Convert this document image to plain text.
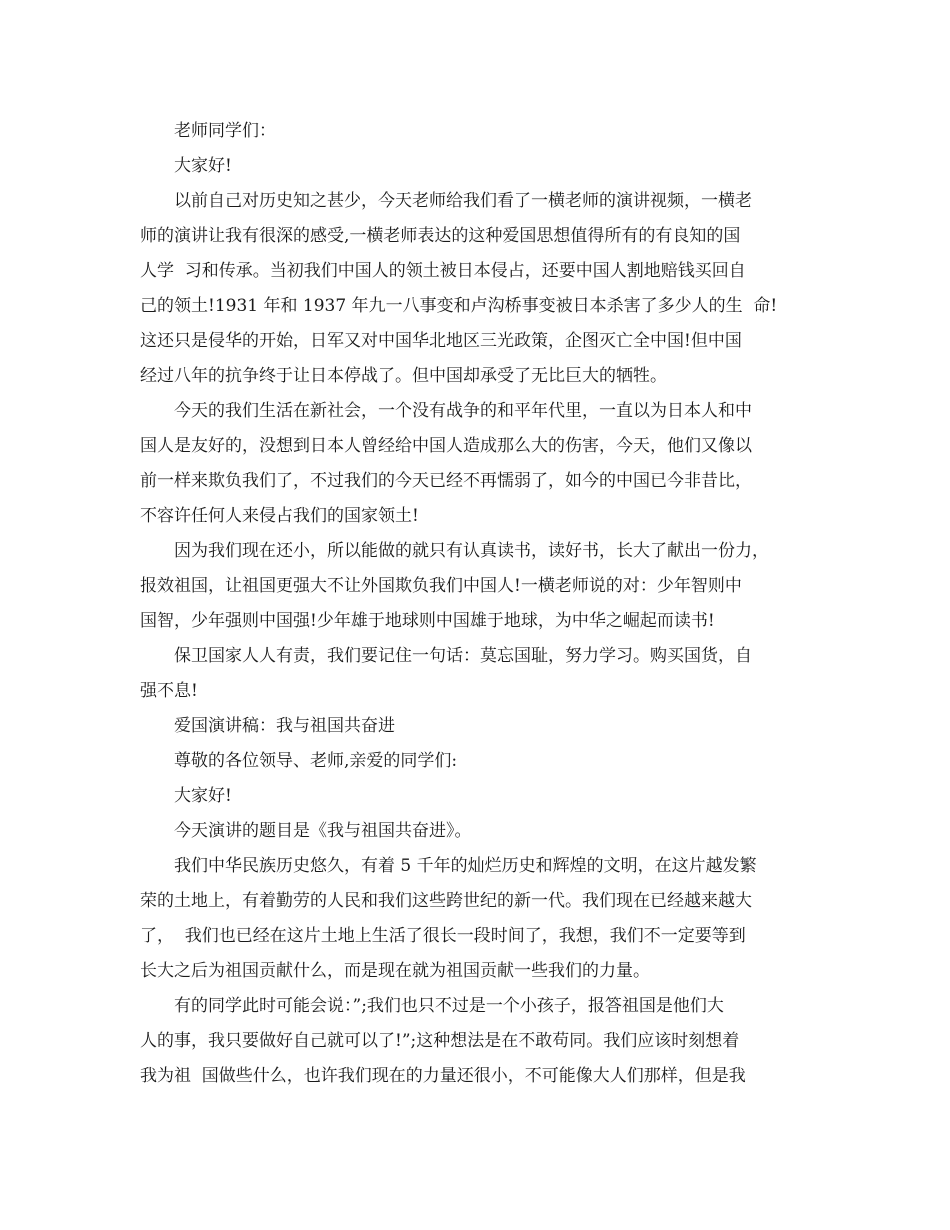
老师同学们：

大家好!

以前自己对历史知之甚少，今天老师给我们看了一横老师的演讲视频，一横老

师的演讲让我有很深的感受,一横老师表达的这种爱国思想值得所有的有良知的国

人学  习和传承。当初我们中国人的领土被日本侵占，还要中国人割地赔钱买回自

己的领土!1931 年和 1937 年九一八事变和卢沟桥事变被日本杀害了多少人的生  命!

这还只是侵华的开始，日军又对中国华北地区三光政策，企图灭亡全中国!但中国

经过八年的抗争终于让日本停战了。但中国却承受了无比巨大的牺牲。

今天的我们生活在新社会，一个没有战争的和平年代里，一直以为日本人和中

国人是友好的，没想到日本人曾经给中国人造成那么大的伤害，今天，他们又像以

前一样来欺负我们了，不过我们的今天已经不再懦弱了，如今的中国已今非昔比，

不容许任何人来侵占我们的国家领土!

因为我们现在还小，所以能做的就只有认真读书，读好书，长大了献出一份力，

报效祖国，让祖国更强大不让外国欺负我们中国人!一横老师说的对：少年智则中

国智，少年强则中国强!少年雄于地球则中国雄于地球，为中华之崛起而读书!

保卫国家人人有责，我们要记住一句话：莫忘国耻，努力学习。购买国货，自

强不息!

爱国演讲稿：我与祖国共奋进

尊敬的各位领导、老师,亲爱的同学们:

大家好!

今天演讲的题目是《我与祖国共奋进》。

我们中华民族历史悠久，有着 5 千年的灿烂历史和辉煌的文明，在这片越发繁

荣的土地上，有着勤劳的人民和我们这些跨世纪的新一代。我们现在已经越来越大

了，  我们也已经在这片土地上生活了很长一段时间了，我想，我们不一定要等到

长大之后为祖国贡献什么，而是现在就为祖国贡献一些我们的力量。

有的同学此时可能会说：”;我们也只不过是一个小孩子，报答祖国是他们大

人的事，我只要做好自己就可以了!”;这种想法是在不敢苟同。我们应该时刻想着

我为祖  国做些什么，也许我们现在的力量还很小，不可能像大人们那样，但是我
